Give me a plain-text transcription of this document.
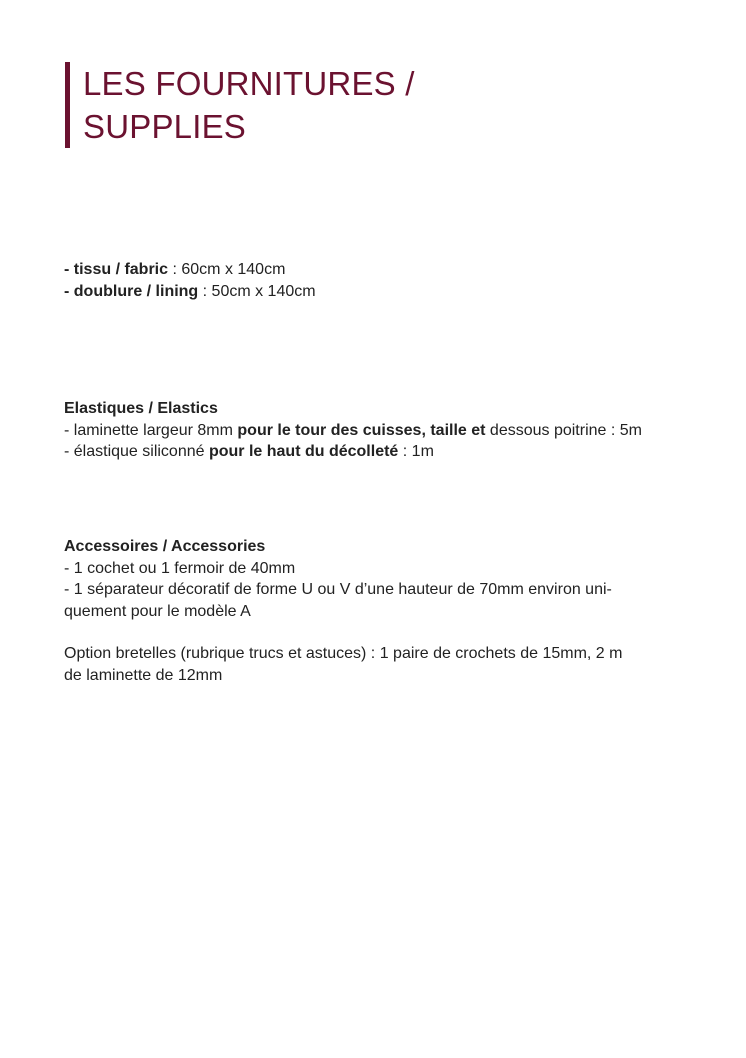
LES FOURNITURES /
SUPPLIES
- tissu / fabric : 60cm x 140cm
- doublure / lining : 50cm x 140cm
Elastiques / Elastics
- laminette largeur 8mm pour le tour des cuisses, taille et dessous poitrine : 5m
- élastique siliconné pour le haut du décolleté : 1m
Accessoires / Accessories
- 1 cochet ou 1 fermoir de 40mm
- 1 séparateur décoratif de forme U ou V d’une hauteur de 70mm environ uni-
quement pour le modèle A
Option bretelles (rubrique trucs et astuces) : 1 paire de crochets de 15mm, 2 m
de laminette de 12mm
